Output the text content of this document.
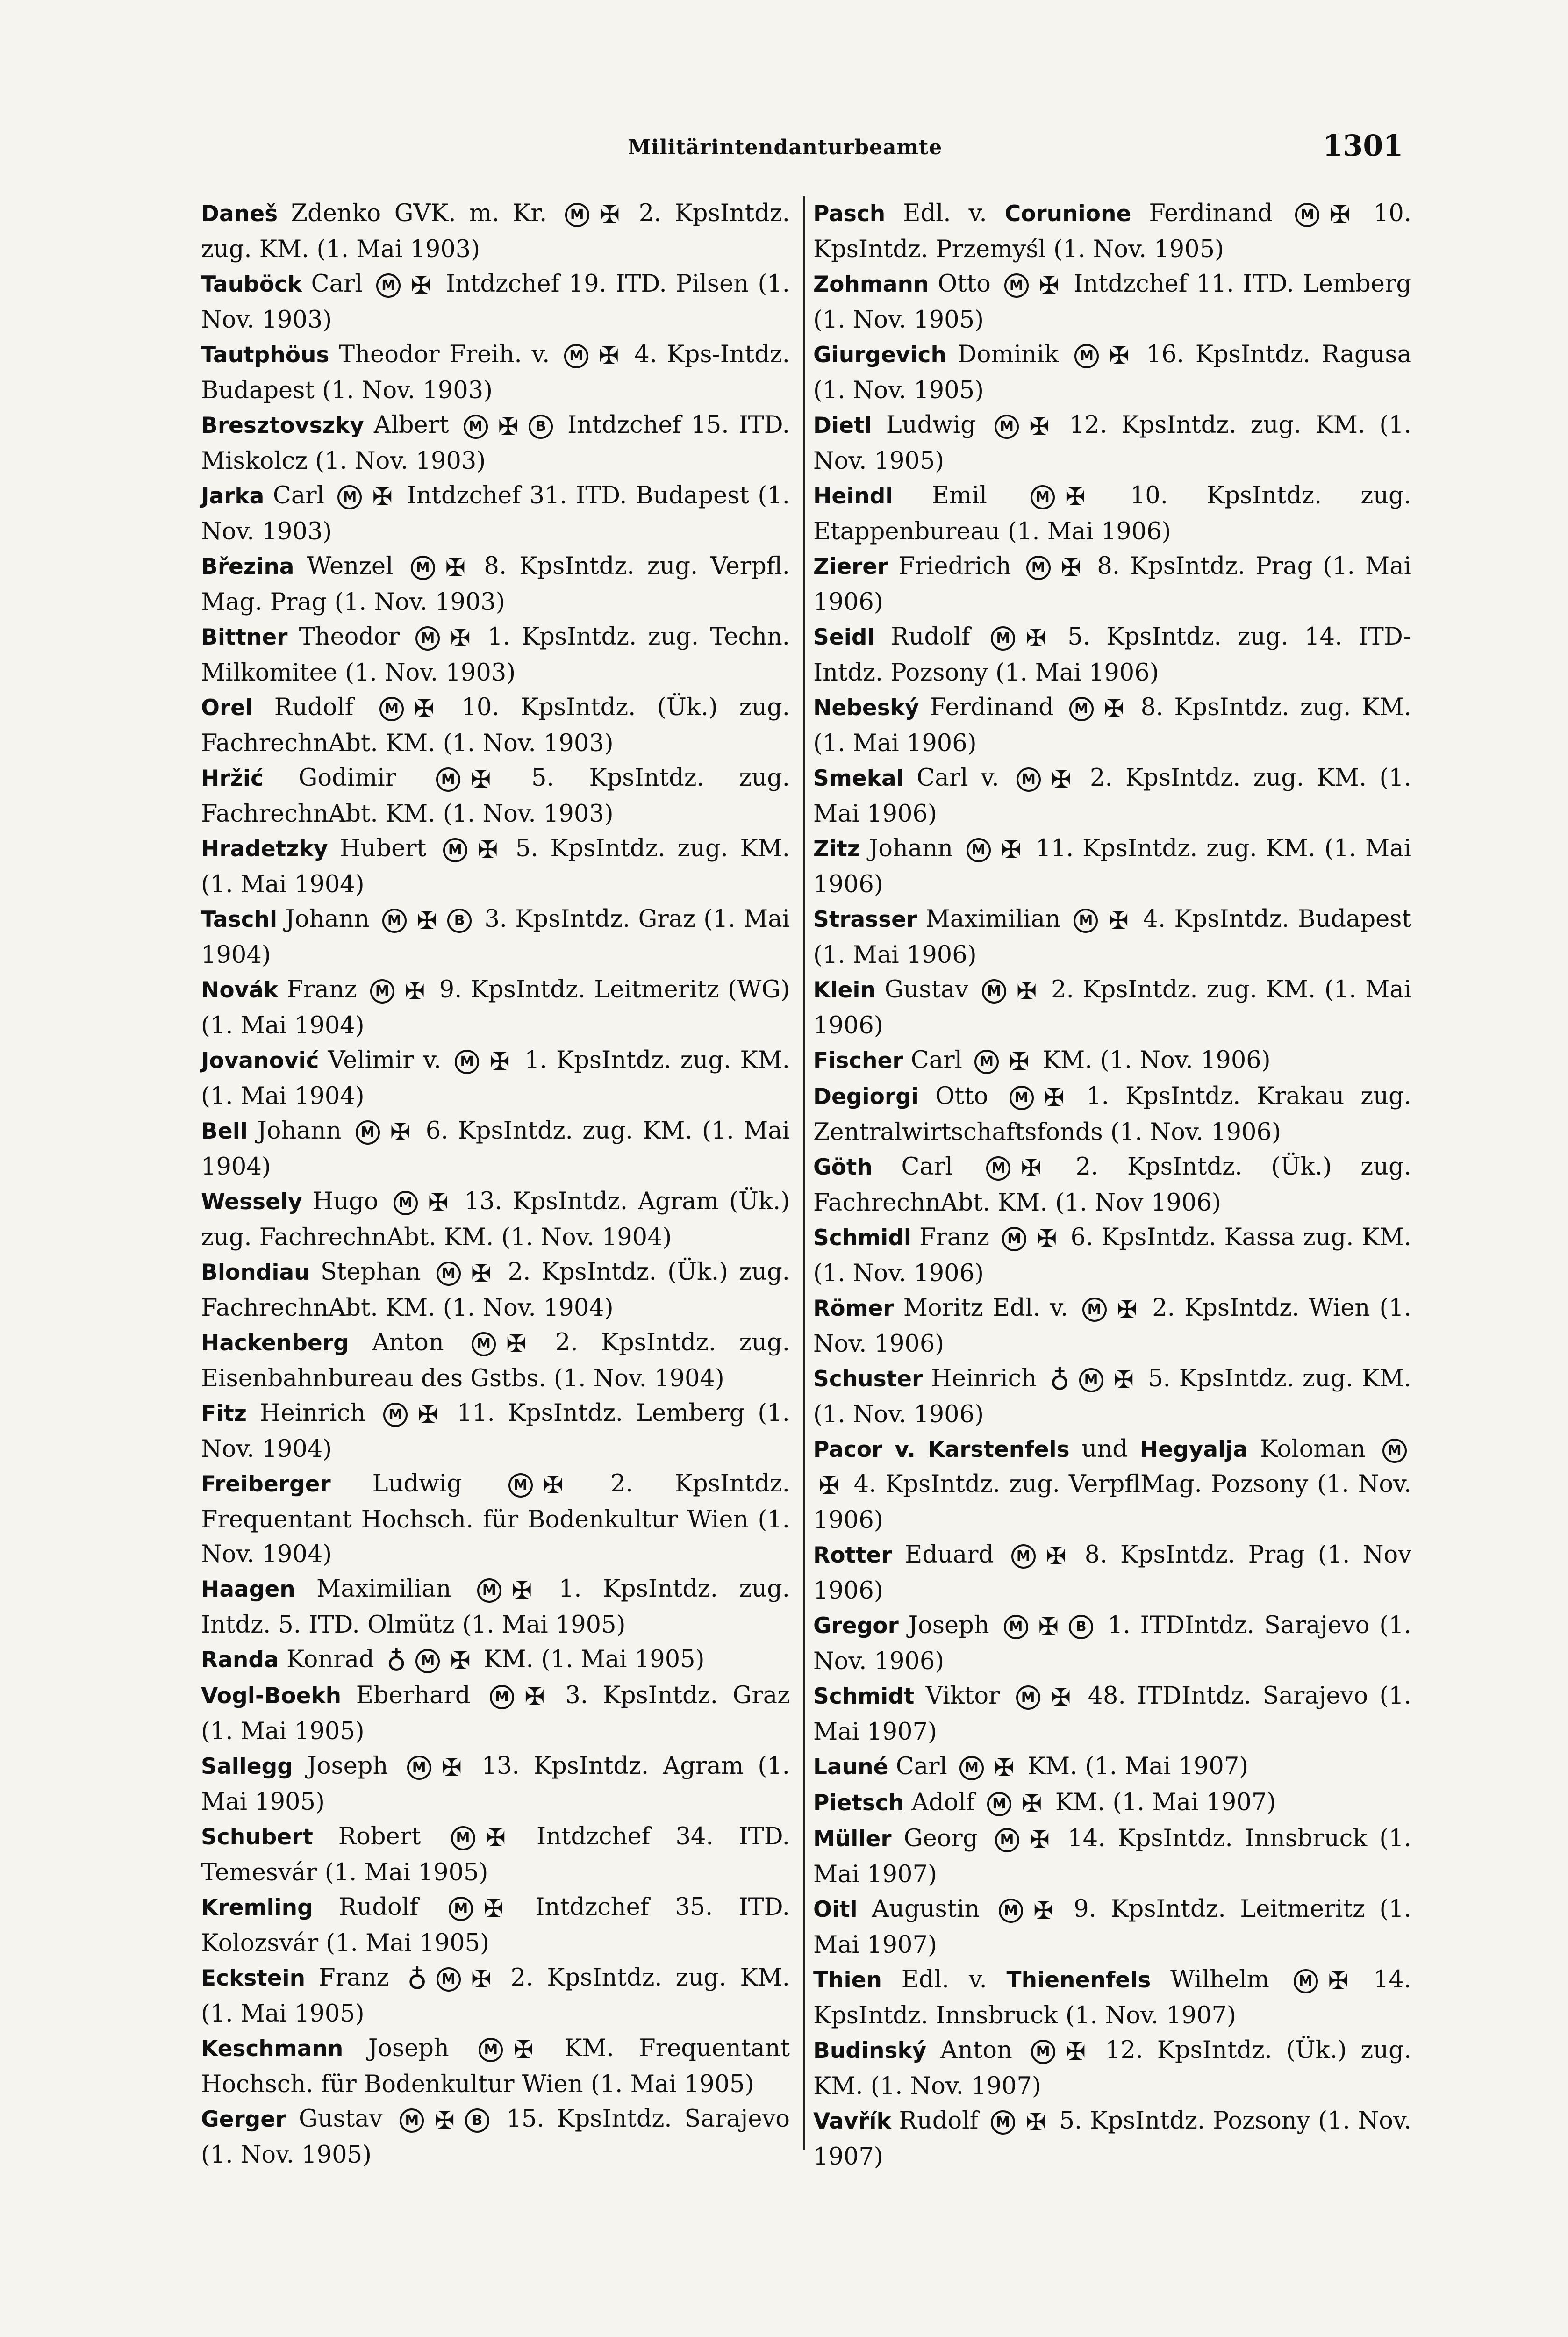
Militärintendanturbeamte	1301
Daneš Zdenko GVK. m. Kr. M ✠ 2. KpsIntdz. zug. KM. (1. Mai 1903)
Tauböck Carl M ✠ Intdzchef 19. ITD. Pilsen (1. Nov. 1903)
Tautphöus Theodor Freih. v. M ✠ 4. Kps-Intdz. Budapest (1. Nov. 1903)
Bresztovszky Albert M ✠ B Intdzchef 15. ITD. Miskolcz (1. Nov. 1903)
Jarka Carl M ✠ Intdzchef 31. ITD. Budapest (1. Nov. 1903)
Březina Wenzel M ✠ 8. KpsIntdz. zug. Verpfl. Mag. Prag (1. Nov. 1903)
Bittner Theodor M ✠ 1. KpsIntdz. zug. Techn. Milkomitee (1. Nov. 1903)
Orel Rudolf M ✠ 10. KpsIntdz. (Ük.) zug. FachrechnAbt. KM. (1. Nov. 1903)
Hržić Godimir	M ✠ 5. KpsIntdz. zug. FachrechnAbt. KM. (1. Nov. 1903)
Hradetzky Hubert M ✠ 5. KpsIntdz. zug. KM. (1. Mai 1904)
Taschl Johann M ✠ B 3. KpsIntdz. Graz (1. Mai 1904)
Novák Franz M ✠ 9. KpsIntdz. Leitmeritz (WG) (1. Mai 1904)
Jovanović Velimir v. M ✠ 1. KpsIntdz. zug. KM. (1. Mai 1904)
Bell Johann M ✠ 6. KpsIntdz. zug. KM. (1. Mai 1904)
Wessely Hugo M ✠ 13. KpsIntdz. Agram (Ük.) zug. FachrechnAbt. KM. (1. Nov. 1904)
Blondiau Stephan M ✠ 2. KpsIntdz. (Ük.) zug. FachrechnAbt. KM. (1. Nov. 1904)
Hackenberg Anton M ✠ 2. KpsIntdz. zug. Eisenbahnbureau des Gstbs. (1. Nov. 1904)
Fitz Heinrich M ✠ 11. KpsIntdz. Lemberg (1. Nov. 1904)
Freiberger Ludwig	M ✠ 2. KpsIntdz. Frequentant Hochsch. für Bodenkultur Wien (1. Nov. 1904)
Haagen Maximilian M ✠ 1. KpsIntdz. zug. Intdz. 5. ITD. Olmütz (1. Mai 1905)
Randa Konrad ♁ M ✠ KM. (1. Mai 1905)
Vogl-Boekh Eberhard M ✠ 3. KpsIntdz. Graz (1. Mai 1905)
Sallegg Joseph M ✠ 13. KpsIntdz. Agram (1. Mai 1905)
Schubert Robert	M ✠ Intdzchef 34. ITD. Temesvár (1. Mai 1905)
Kremling Rudolf	M ✠ Intdzchef 35. ITD. Kolozsvár (1. Mai 1905)
Eckstein Franz ♁ M ✠ 2. KpsIntdz. zug. KM. (1. Mai 1905)
Keschmann Joseph M ✠ KM. Frequentant Hochsch. für Bodenkultur Wien (1. Mai 1905)
Gerger Gustav M ✠ B 15. KpsIntdz. Sarajevo (1. Nov. 1905)
Pasch Edl. v. Corunione Ferdinand M ✠ 10. KpsIntdz. Przemyśl (1. Nov. 1905)
Zohmann Otto M ✠ Intdzchef 11. ITD. Lemberg (1. Nov. 1905)
Giurgevich Dominik M ✠ 16. KpsIntdz. Ragusa (1. Nov. 1905)
Dietl Ludwig M ✠ 12. KpsIntdz. zug. KM. (1. Nov. 1905)
Heindl Emil	M ✠ 10. KpsIntdz. zug. Etappenbureau (1. Mai 1906)
Zierer Friedrich M ✠ 8. KpsIntdz. Prag (1. Mai 1906)
Seidl Rudolf M ✠ 5. KpsIntdz. zug. 14. ITD-Intdz. Pozsony (1. Mai 1906)
Nebeský Ferdinand M ✠ 8. KpsIntdz. zug. KM. (1. Mai 1906)
Smekal Carl v. M ✠ 2. KpsIntdz. zug. KM. (1. Mai 1906)
Zitz Johann M ✠ 11. KpsIntdz. zug. KM. (1. Mai 1906)
Strasser Maximilian M ✠ 4. KpsIntdz. Budapest (1. Mai 1906)
Klein Gustav M ✠ 2. KpsIntdz. zug. KM. (1. Mai 1906)
Fischer Carl M ✠ KM. (1. Nov. 1906)
Degiorgi Otto M ✠ 1. KpsIntdz. Krakau zug. Zentralwirtschaftsfonds (1. Nov. 1906)
Göth Carl	M ✠ 2. KpsIntdz. (Ük.) zug. FachrechnAbt. KM. (1. Nov 1906)
Schmidl Franz M ✠ 6. KpsIntdz. Kassa zug. KM. (1. Nov. 1906)
Römer Moritz Edl. v. M ✠ 2. KpsIntdz. Wien (1. Nov. 1906)
Schuster Heinrich ♁ M ✠ 5. KpsIntdz. zug. KM. (1. Nov. 1906)
Pacor v. Karstenfels und Hegyalja Koloman M✠ 4. KpsIntdz. zug. VerpflMag. Pozsony (1. Nov. 1906)
Rotter Eduard M ✠ 8. KpsIntdz. Prag (1. Nov 1906)
Gregor Joseph M ✠ B 1. ITDIntdz. Sarajevo (1. Nov. 1906)
Schmidt Viktor M ✠ 48. ITDIntdz. Sarajevo (1. Mai 1907)
Launé Carl M ✠ KM. (1. Mai 1907)
Pietsch Adolf M ✠ KM. (1. Mai 1907)
Müller Georg M ✠ 14. KpsIntdz. Innsbruck (1. Mai 1907)
Oitl Augustin M ✠ 9. KpsIntdz. Leitmeritz (1. Mai 1907)
Thien Edl. v. Thienenfels Wilhelm M ✠ 14. KpsIntdz. Innsbruck (1. Nov. 1907)
Budinský Anton M ✠ 12. KpsIntdz. (Ük.) zug. KM. (1. Nov. 1907)
Vavřík Rudolf M ✠ 5. KpsIntdz. Pozsony (1. Nov. 1907)
